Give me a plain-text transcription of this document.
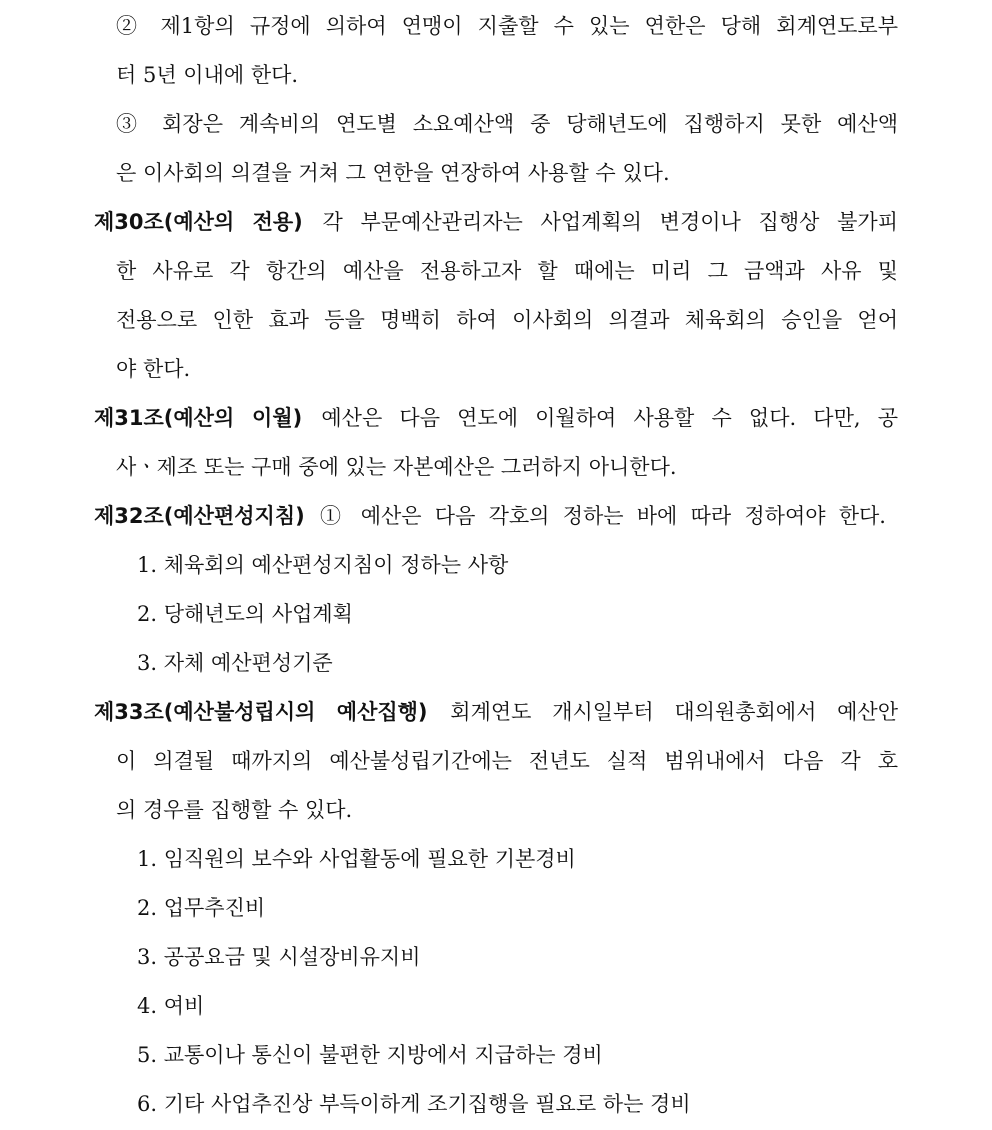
② 제1항의 규정에 의하여 연맹이 지출할 수 있는 연한은 당해 회계연도로부
터 5년 이내에 한다.
③ 회장은 계속비의 연도별 소요예산액 중 당해년도에 집행하지 못한 예산액
은 이사회의 의결을 거쳐 그 연한을 연장하여 사용할 수 있다.
제30조(예산의 전용) 각 부문예산관리자는 사업계획의 변경이나 집행상 불가피
한 사유로 각 항간의 예산을 전용하고자 할 때에는 미리 그 금액과 사유 및
전용으로 인한 효과 등을 명백히 하여 이사회의 의결과 체육회의 승인을 얻어
야 한다.
제31조(예산의 이월) 예산은 다음 연도에 이월하여 사용할 수 없다. 다만, 공
사ㆍ제조 또는 구매 중에 있는 자본예산은 그러하지 아니한다.
제32조(예산편성지침) ① 예산은 다음 각호의 정하는 바에 따라 정하여야 한다.
1. 체육회의 예산편성지침이 정하는 사항
2. 당해년도의 사업계획
3. 자체 예산편성기준
제33조(예산불성립시의 예산집행) 회계연도 개시일부터 대의원총회에서 예산안
이 의결될 때까지의 예산불성립기간에는 전년도 실적 범위내에서 다음 각 호
의 경우를 집행할 수 있다.
1. 임직원의 보수와 사업활동에 필요한 기본경비
2. 업무추진비
3. 공공요금 및 시설장비유지비
4. 여비
5. 교통이나 통신이 불편한 지방에서 지급하는 경비
6. 기타 사업추진상 부득이하게 조기집행을 필요로 하는 경비
